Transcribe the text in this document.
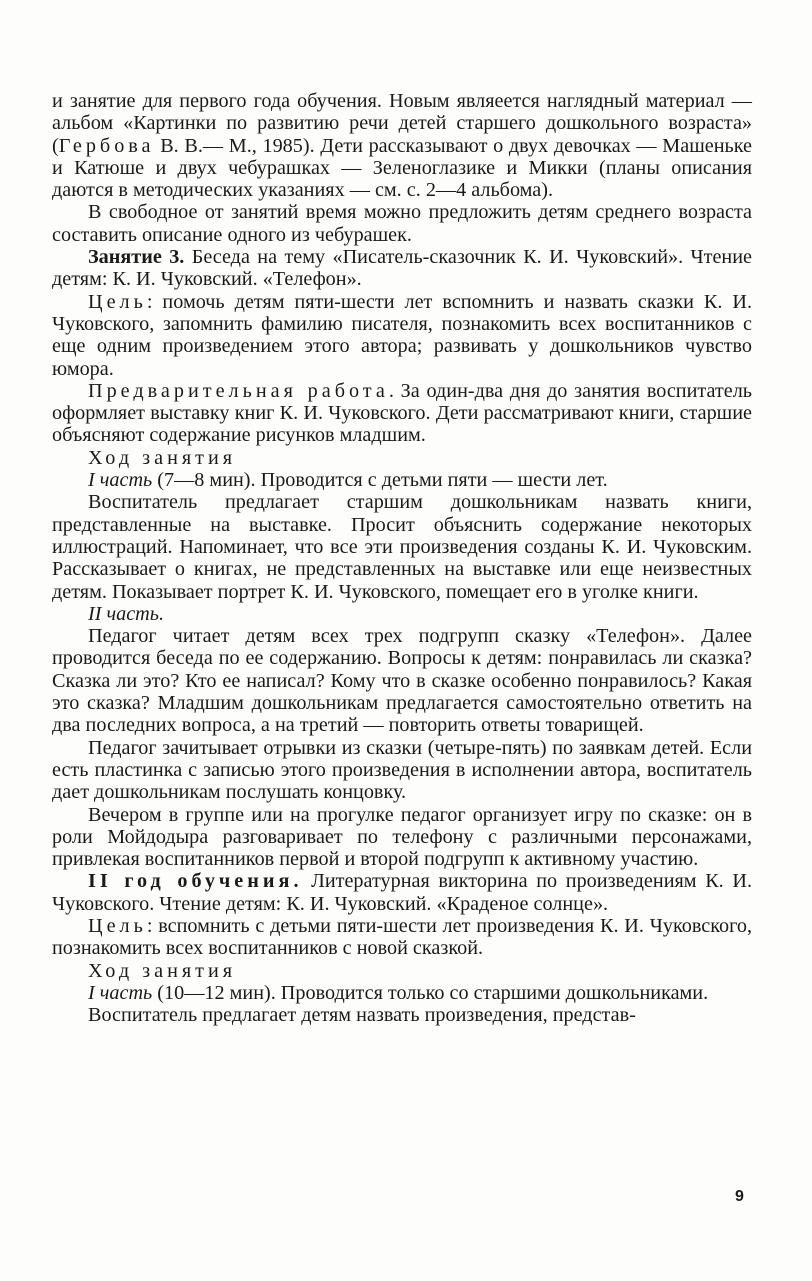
и занятие для первого года обучения. Новым являеется наглядный материал — альбом «Картинки по развитию речи детей старшего дошкольного возраста» (Гербова В. В.— М., 1985). Дети рассказывают о двух девочках — Машеньке и Катюше и двух чебурашках — Зеленоглазике и Микки (планы описания даются в методических указаниях — см. с. 2—4 альбома).

В свободное от занятий время можно предложить детям среднего возраста составить описание одного из чебурашек.

Занятие 3. Беседа на тему «Писатель-сказочник К. И. Чуковский». Чтение детям: К. И. Чуковский. «Телефон».

Цель: помочь детям пяти-шести лет вспомнить и назвать сказки К. И. Чуковского, запомнить фамилию писателя, познакомить всех воспитанников с еще одним произведением этого автора; развивать у дошкольников чувство юмора.

Предварительная работа. За один-два дня до занятия воспитатель оформляет выставку книг К. И. Чуковского. Дети рассматривают книги, старшие объясняют содержание рисунков младшим.

Ход занятия

I часть (7—8 мин). Проводится с детьми пяти — шести лет.

Воспитатель предлагает старшим дошкольникам назвать книги, представленные на выставке. Просит объяснить содержание некоторых иллюстраций. Напоминает, что все эти произведения созданы К. И. Чуковским. Рассказывает о книгах, не представленных на выставке или еще неизвестных детям. Показывает портрет К. И. Чуковского, помещает его в уголке книги.

II часть.

Педагог читает детям всех трех подгрупп сказку «Телефон». Далее проводится беседа по ее содержанию. Вопросы к детям: понравилась ли сказка? Сказка ли это? Кто ее написал? Кому что в сказке особенно понравилось? Какая это сказка? Младшим дошкольникам предлагается самостоятельно ответить на два последних вопроса, а на третий — повторить ответы товарищей.

Педагог зачитывает отрывки из сказки (четыре-пять) по заявкам детей. Если есть пластинка с записью этого произведения в исполнении автора, воспитатель дает дошкольникам послушать концовку.

Вечером в группе или на прогулке педагог организует игру по сказке: он в роли Мойдодыра разговаривает по телефону с различными персонажами, привлекая воспитанников первой и второй подгрупп к активному участию.

II год обучения. Литературная викторина по произведениям К. И. Чуковского. Чтение детям: К. И. Чуковский. «Краденое солнце».

Цель: вспомнить с детьми пяти-шести лет произведения К. И. Чуковского, познакомить всех воспитанников с новой сказкой.

Ход занятия

I часть (10—12 мин). Проводится только со старшими дошкольниками.

Воспитатель предлагает детям назвать произведения, представ-

9
